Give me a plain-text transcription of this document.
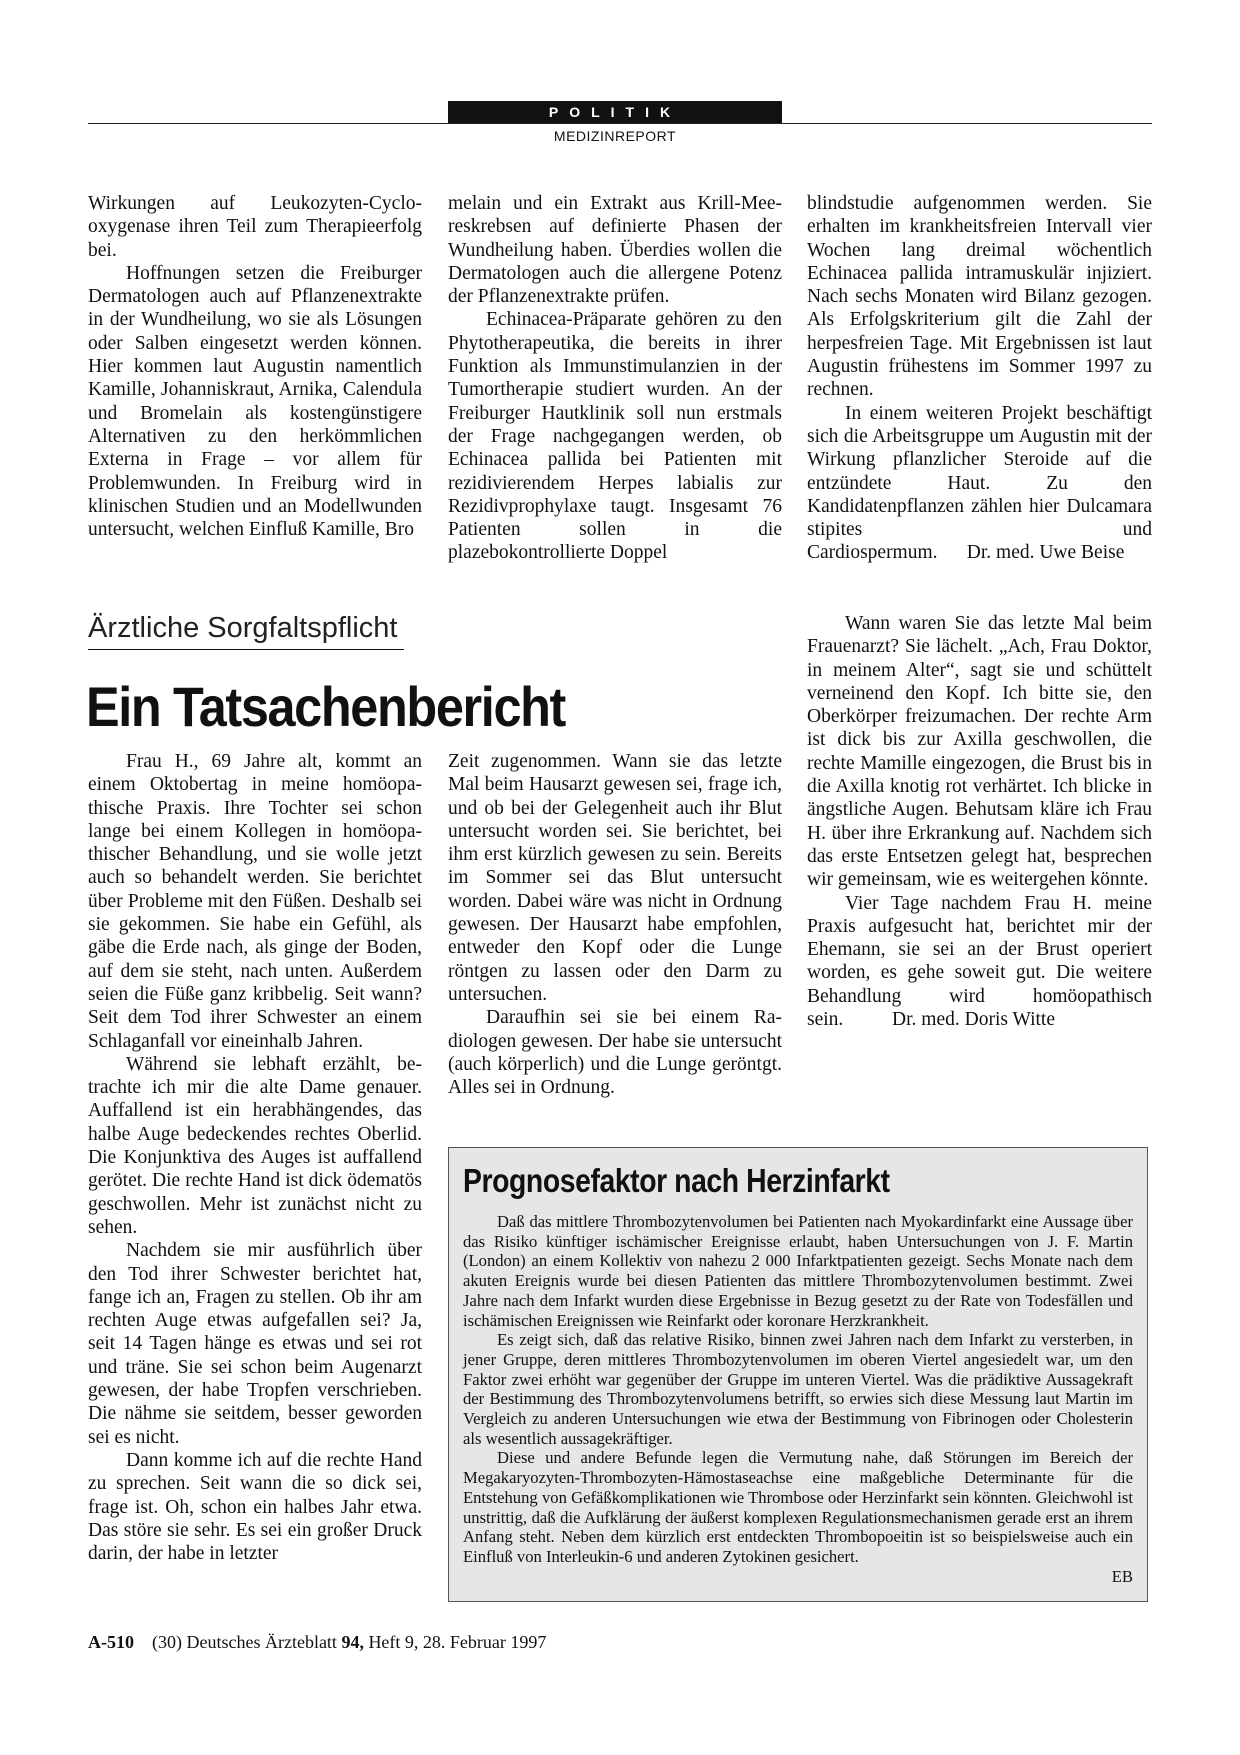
POLITIK
MEDIZINREPORT

Wirkungen auf Leukozyten-Cyclooxygenase ihren Teil zum Therapieerfolg bei.

Hoffnungen setzen die Freiburger Dermatologen auch auf Pflanzenextrakte in der Wundheilung, wo sie als Lösungen oder Salben eingesetzt werden können. Hier kommen laut Augustin namentlich Kamille, Johanniskraut, Arnika, Calendula und Bromelain als kostengünstigere Alternativen zu den herkömmlichen Externa in Frage – vor allem für Problemwunden. In Freiburg wird in klinischen Studien und an Modellwunden untersucht, welchen Einfluß Kamille, Bro

melain und ein Extrakt aus Krill-Meereskrebsen auf definierte Phasen der Wundheilung haben. Überdies wollen die Dermatologen auch die allergene Potenz der Pflanzenextrakte prüfen.

Echinacea-Präparate gehören zu den Phytotherapeutika, die bereits in ihrer Funktion als Immunstimulanzien in der Tumortherapie studiert wurden. An der Freiburger Hautklinik soll nun erstmals der Frage nachgegangen werden, ob Echinacea pallida bei Patienten mit rezidivierendem Herpes labialis zur Rezidivprophylaxe taugt. Insgesamt 76 Patienten sollen in die plazebokontrollierte Doppel

blindstudie aufgenommen werden. Sie erhalten im krankheitsfreien Intervall vier Wochen lang dreimal wöchentlich Echinacea pallida intramuskulär injiziert. Nach sechs Monaten wird Bilanz gezogen. Als Erfolgskriterium gilt die Zahl der herpesfreien Tage. Mit Ergebnissen ist laut Augustin frühestens im Sommer 1997 zu rechnen.

In einem weiteren Projekt beschäftigt sich die Arbeitsgruppe um Augustin mit der Wirkung pflanzlicher Steroide auf die entzündete Haut. Zu den Kandidatenpflanzen zählen hier Dulcamara stipites und Cardiospermum. Dr. med. Uwe Beise

Ärztliche Sorgfaltspflicht
Ein Tatsachenbericht

Frau H., 69 Jahre alt, kommt an einem Oktobertag in meine homöopathische Praxis. Ihre Tochter sei schon lange bei einem Kollegen in homöopathischer Behandlung, und sie wolle jetzt auch so behandelt werden. Sie berichtet über Probleme mit den Füßen. Deshalb sei sie gekommen. Sie habe ein Gefühl, als gäbe die Erde nach, als ginge der Boden, auf dem sie steht, nach unten. Außerdem seien die Füße ganz kribbelig. Seit wann? Seit dem Tod ihrer Schwester an einem Schlaganfall vor eineinhalb Jahren.

Während sie lebhaft erzählt, betrachte ich mir die alte Dame genauer. Auffallend ist ein herabhängendes, das halbe Auge bedeckendes rechtes Oberlid. Die Konjunktiva des Auges ist auffallend gerötet. Die rechte Hand ist dick ödematös geschwollen. Mehr ist zunächst nicht zu sehen.

Nachdem sie mir ausführlich über den Tod ihrer Schwester berichtet hat, fange ich an, Fragen zu stellen. Ob ihr am rechten Auge etwas aufgefallen sei? Ja, seit 14 Tagen hänge es etwas und sei rot und träne. Sie sei schon beim Augenarzt gewesen, der habe Tropfen verschrieben. Die nähme sie seitdem, besser geworden sei es nicht.

Dann komme ich auf die rechte Hand zu sprechen. Seit wann die so dick sei, frage ist. Oh, schon ein halbes Jahr etwa. Das störe sie sehr. Es sei ein großer Druck darin, der habe in letzter

Zeit zugenommen. Wann sie das letzte Mal beim Hausarzt gewesen sei, frage ich, und ob bei der Gelegenheit auch ihr Blut untersucht worden sei. Sie berichtet, bei ihm erst kürzlich gewesen zu sein. Bereits im Sommer sei das Blut untersucht worden. Dabei wäre was nicht in Ordnung gewesen. Der Hausarzt habe empfohlen, entweder den Kopf oder die Lunge röntgen zu lassen oder den Darm zu untersuchen.

Daraufhin sei sie bei einem Radiologen gewesen. Der habe sie untersucht (auch körperlich) und die Lunge geröntgt. Alles sei in Ordnung.

Wann waren Sie das letzte Mal beim Frauenarzt? Sie lächelt. „Ach, Frau Doktor, in meinem Alter“, sagt sie und schüttelt verneinend den Kopf. Ich bitte sie, den Oberkörper freizumachen. Der rechte Arm ist dick bis zur Axilla geschwollen, die rechte Mamille eingezogen, die Brust bis in die Axilla knotig rot verhärtet. Ich blicke in ängstliche Augen. Behutsam kläre ich Frau H. über ihre Erkrankung auf. Nachdem sich das erste Entsetzen gelegt hat, besprechen wir gemeinsam, wie es weitergehen könnte.

Vier Tage nachdem Frau H. meine Praxis aufgesucht hat, berichtet mir der Ehemann, sie sei an der Brust operiert worden, es gehe soweit gut. Die weitere Behandlung wird homöopathisch sein.	Dr. med. Doris Witte

Prognosefaktor nach Herzinfarkt

Daß das mittlere Thrombozytenvolumen bei Patienten nach Myokardinfarkt eine Aussage über das Risiko künftiger ischämischer Ereignisse erlaubt, haben Untersuchungen von J. F. Martin (London) an einem Kollektiv von nahezu 2 000 Infarktpatienten gezeigt. Sechs Monate nach dem akuten Ereignis wurde bei diesen Patienten das mittlere Thrombozytenvolumen bestimmt. Zwei Jahre nach dem Infarkt wurden diese Ergebnisse in Bezug gesetzt zu der Rate von Todesfällen und ischämischen Ereignissen wie Reinfarkt oder koronare Herzkrankheit.

Es zeigt sich, daß das relative Risiko, binnen zwei Jahren nach dem Infarkt zu versterben, in jener Gruppe, deren mittleres Thrombozytenvolumen im oberen Viertel angesiedelt war, um den Faktor zwei erhöht war gegenüber der Gruppe im unteren Viertel. Was die prädiktive Aussagekraft der Bestimmung des Thrombozytenvolumens betrifft, so erwies sich diese Messung laut Martin im Vergleich zu anderen Untersuchungen wie etwa der Bestimmung von Fibrinogen oder Cholesterin als wesentlich aussagekräftiger.

Diese und andere Befunde legen die Vermutung nahe, daß Störungen im Bereich der Megakaryozyten-Thrombozyten-Hämostaseachse eine maßgebliche Determinante für die Entstehung von Gefäßkomplikationen wie Thrombose oder Herzinfarkt sein könnten. Gleichwohl ist unstrittig, daß die Aufklärung der äußerst komplexen Regulationsmechanismen gerade erst an ihrem Anfang steht. Neben dem kürzlich erst entdeckten Thrombopoeitin ist so beispielsweise auch ein Einfluß von Interleukin-6 und anderen Zytokinen gesichert.

EB
A-510 (30) Deutsches Ärzteblatt 94, Heft 9, 28. Februar 1997
